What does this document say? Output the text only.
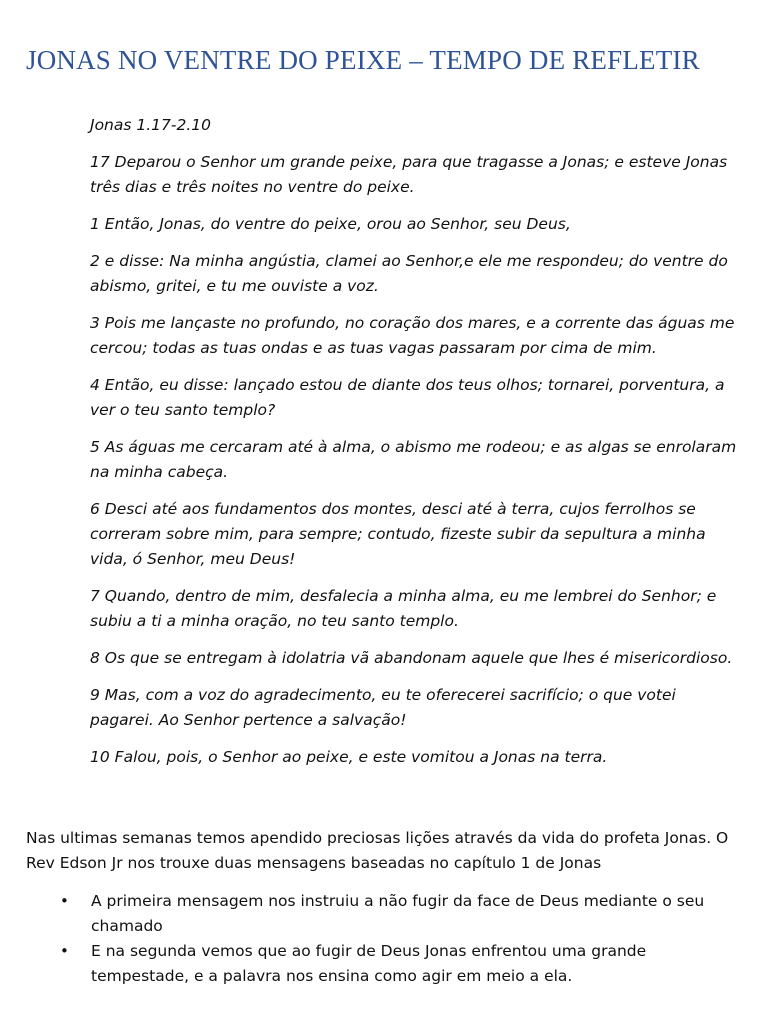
JONAS NO VENTRE DO PEIXE – TEMPO DE REFLETIR

Jonas 1.17-2.10

17 Deparou o Senhor um grande peixe, para que tragasse a Jonas; e esteve Jonas três dias e três noites no ventre do peixe.

1 Então, Jonas, do ventre do peixe, orou ao Senhor, seu Deus,

2 e disse: Na minha angústia, clamei ao Senhor,e ele me respondeu; do ventre do abismo, gritei, e tu me ouviste a voz.

3 Pois me lançaste no profundo, no coração dos mares, e a corrente das águas me cercou; todas as tuas ondas e as tuas vagas passaram por cima de mim.

4 Então, eu disse: lançado estou de diante dos teus olhos; tornarei, porventura, a ver o teu santo templo?

5 As águas me cercaram até à alma, o abismo me rodeou; e as algas se enrolaram na minha cabeça.

6 Desci até aos fundamentos dos montes, desci até à terra, cujos ferrolhos se correram sobre mim, para sempre; contudo, fizeste subir da sepultura a minha vida, ó Senhor, meu Deus!

7 Quando, dentro de mim, desfalecia a minha alma, eu me lembrei do Senhor; e subiu a ti a minha oração, no teu santo templo.

8 Os que se entregam à idolatria vã abandonam aquele que lhes é misericordioso.

9 Mas, com a voz do agradecimento, eu te oferecerei sacrifício; o que votei pagarei. Ao Senhor pertence a salvação!

10 Falou, pois, o Senhor ao peixe, e este vomitou a Jonas na terra.

Nas ultimas semanas temos apendido preciosas lições através da vida do profeta Jonas. O Rev Edson Jr nos trouxe duas mensagens baseadas no capítulo 1 de Jonas

• A primeira mensagem nos instruiu a não fugir da face de Deus mediante o seu chamado
• E na segunda vemos que ao fugir de Deus Jonas enfrentou uma grande tempestade, e a palavra nos ensina como agir em meio a ela.
